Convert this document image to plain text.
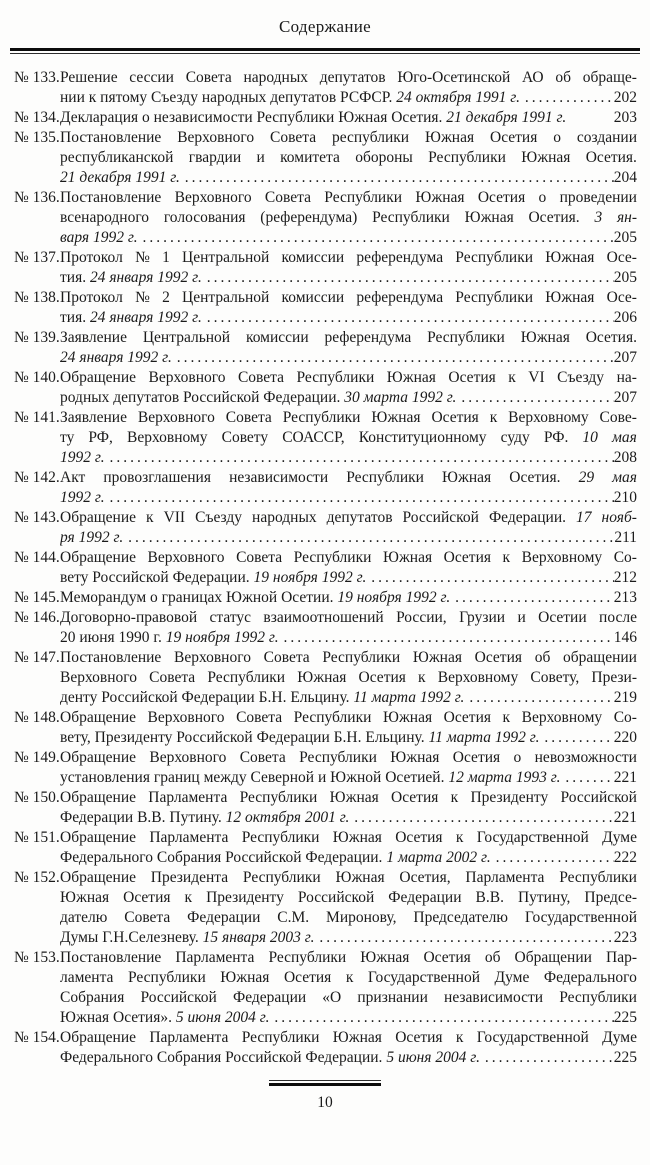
Содержание
№ 133. Решение сессии Совета народных депутатов Юго-Осетинской АО об обраще-
нии к пятому Съезду народных депутатов РСФСР. 24 октября 1991 г. .....	202
№ 134. Декларация о независимости Республики Южная Осетия. 21 декабря 1991 г.	203
№ 135. Постановление Верховного Совета республики Южная Осетия о создании
республиканской гвардии и комитета обороны Республики Южная Осетия.
21 декабря 1991 г. .....	204
№ 136. Постановление Верховного Совета Республики Южная Осетия о проведении
всенародного голосования (референдума) Республики Южная Осетия. 3 ян-
варя 1992 г. .....	205
№ 137. Протокол № 1 Центральной комиссии референдума Республики Южная Осе-
тия. 24 января 1992 г. .....	205
№ 138. Протокол № 2 Центральной комиссии референдума Республики Южная Осе-
тия. 24 января 1992 г. .....	206
№ 139. Заявление Центральной комиссии референдума Республики Южная Осетия.
24 января 1992 г. .....	207
№ 140. Обращение Верховного Совета Республики Южная Осетия к VI Съезду на-
родных депутатов Российской Федерации. 30 марта 1992 г. .....	207
№ 141. Заявление Верховного Совета Республики Южная Осетия к Верховному Сове-
ту РФ, Верховному Совету СОАССР, Конституционному суду РФ. 10 мая
1992 г. .....	208
№ 142. Акт провозглашения независимости Республики Южная Осетия. 29 мая
1992 г. .....	210
№ 143. Обращение к VII Съезду народных депутатов Российской Федерации. 17 нояб-
ря 1992 г. .....	211
№ 144. Обращение Верховного Совета Республики Южная Осетия к Верховному Со-
вету Российской Федерации. 19 ноября 1992 г. .....	212
№ 145. Меморандум о границах Южной Осетии. 19 ноября 1992 г. .....	213
№ 146. Договорно-правовой статус взаимоотношений России, Грузии и Осетии после
20 июня 1990 г. 19 ноября 1992 г. .....	146
№ 147. Постановление Верховного Совета Республики Южная Осетия об обращении
Верховного Совета Республики Южная Осетия к Верховному Совету, Прези-
денту Российской Федерации Б.Н. Ельцину. 11 марта 1992 г. .....	219
№ 148. Обращение Верховного Совета Республики Южная Осетия к Верховному Со-
вету, Президенту Российской Федерации Б.Н. Ельцину. 11 марта 1992 г. .....	220
№ 149. Обращение Верховного Совета Республики Южная Осетия о невозможности
установления границ между Северной и Южной Осетией. 12 марта 1993 г. .....	221
№ 150. Обращение Парламента Республики Южная Осетия к Президенту Российской
Федерации В.В. Путину. 12 октября 2001 г. .....	221
№ 151. Обращение Парламента Республики Южная Осетия к Государственной Думе
Федерального Собрания Российской Федерации. 1 марта 2002 г. .....	222
№ 152. Обращение Президента Республики Южная Осетия, Парламента Республики
Южная Осетия к Президенту Российской Федерации В.В. Путину, Предсе-
дателю Совета Федерации С.М. Миронову, Председателю Государственной
Думы Г.Н.Селезневу. 15 января 2003 г. .....	223
№ 153. Постановление Парламента Республики Южная Осетия об Обращении Пар-
ламента Республики Южная Осетия к Государственной Думе Федерального
Собрания Российской Федерации «О признании независимости Республики
Южная Осетия». 5 июня 2004 г. .....	225
№ 154. Обращение Парламента Республики Южная Осетия к Государственной Думе
Федерального Собрания Российской Федерации. 5 июня 2004 г. .....	225
10
